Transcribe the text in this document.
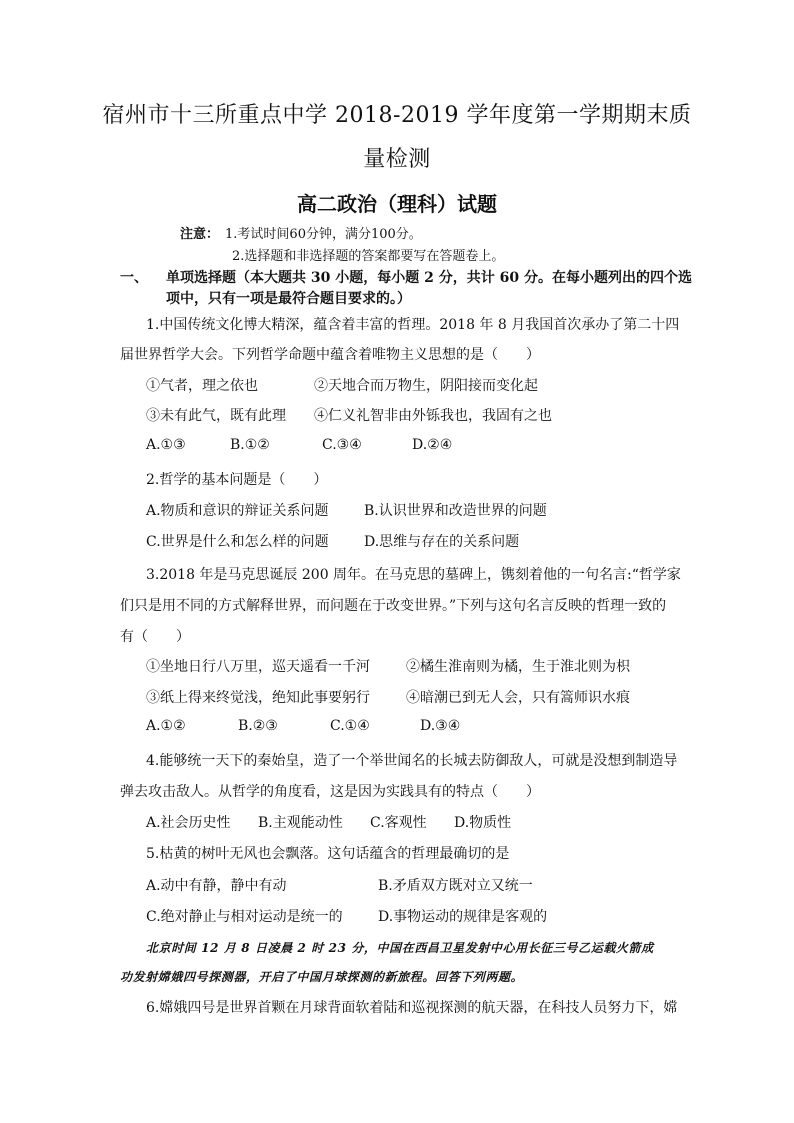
宿州市十三所重点中学 2018-2019 学年度第一学期期末质
量检测
高二政治（理科）试题
注意： 1.考试时间60分钟，满分100分。
2.选择题和非选择题的答案都要写在答题卷上。
一、 单项选择题（本大题共 30 小题，每小题 2 分，共计 60 分。在每小题列出的四个选
项中，只有一项是最符合题目要求的。）
1.中国传统文化博大精深，蕴含着丰富的哲理。2018 年 8 月我国首次承办了第二十四
届世界哲学大会。下列哲学命题中蕴含着唯物主义思想的是（　　）
①气者，理之依也	②天地合而万物生，阴阳接而变化起
③未有此气，既有此理 ④仁义礼智非由外铄我也，我固有之也
A.①③	B.①②	C.③④	D.②④
2.哲学的基本问题是（　　）
A.物质和意识的辩证关系问题	B.认识世界和改造世界的问题
C.世界是什么和怎么样的问题	D.思维与存在的关系问题
3.2018 年是马克思诞辰 200 周年。在马克思的墓碑上，镌刻着他的一句名言:“哲学家
们只是用不同的方式解释世界，而问题在于改变世界。”下列与这句名言反映的哲理一致的
有（　　）
①坐地日行八万里，巡天遥看一千河	②橘生淮南则为橘，生于淮北则为枳
③纸上得来终觉浅，绝知此事要躬行	④暗潮已到无人会，只有篙师识水痕
A.①②	B.②③	C.①④	D.③④
4.能够统一天下的秦始皇，造了一个举世闻名的长城去防御敌人，可就是没想到制造导
弹去攻击敌人。从哲学的角度看，这是因为实践具有的特点（　　）
A.社会历史性 B.主观能动性 C.客观性 D.物质性
5.枯黄的树叶无风也会飘落。这句话蕴含的哲理最确切的是
A.动中有静，静中有动	B.矛盾双方既对立又统一
C.绝对静止与相对运动是统一的	D.事物运动的规律是客观的
北京时间 12 月 8 日凌晨 2 时 23 分，中国在西昌卫星发射中心用长征三号乙运载火箭成
功发射嫦娥四号探测器，开启了中国月球探测的新旅程。回答下列两题。
6.嫦娥四号是世界首颗在月球背面软着陆和巡视探测的航天器，在科技人员努力下，嫦
